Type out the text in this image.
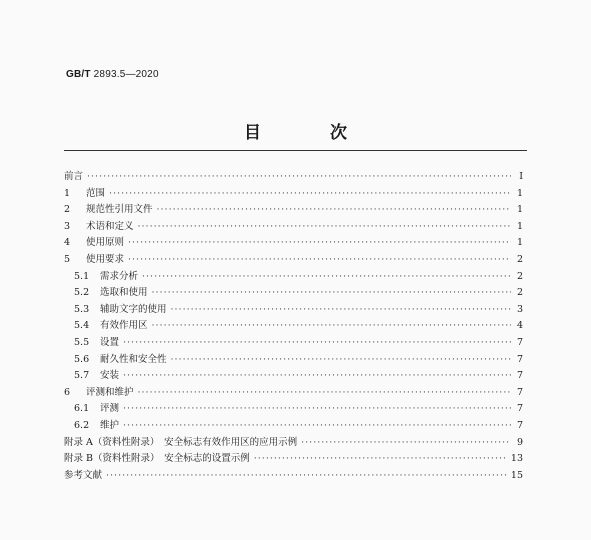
GB/T 2893.5—2020
目　次
前言 ·····	Ⅰ
1	范围 ·····	1
2	规范性引用文件 ·····	1
3	术语和定义 ·····	1
4	使用原则 ·····	1
5	使用要求 ·····	2
5.1	需求分析 ·····	2
5.2	选取和使用 ·····	2
5.3	辅助文字的使用 ·····	3
5.4	有效作用区 ·····	4
5.5	设置 ·····	7
5.6	耐久性和安全性 ·····	7
5.7	安装 ·····	7
6	评测和维护 ·····	7
6.1	评测 ·····	7
6.2	维护 ·····	7
附录 A（资料性附录）　安全标志有效作用区的应用示例 ·····	9
附录 B（资料性附录）　安全标志的设置示例 ·····	13
参考文献 ·····	15
